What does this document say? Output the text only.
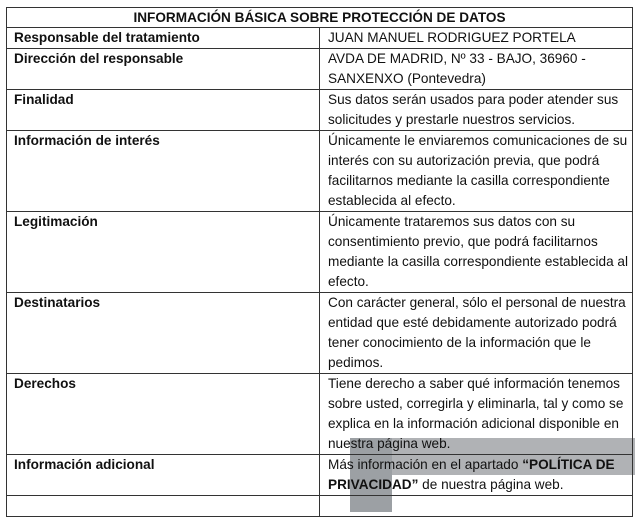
INFORMACIÓN BÁSICA SOBRE PROTECCIÓN DE DATOS	
Responsable del tratamiento	JUAN MANUEL RODRIGUEZ PORTELA
Dirección del responsable	AVDA DE MADRID, Nº 33 - BAJO, 36960 - SANXENXO (Pontevedra)
Finalidad	Sus datos serán usados para poder atender sus solicitudes y prestarle nuestros servicios.
Información de interés	Únicamente le enviaremos comunicaciones de su interés con su autorización previa, que podrá facilitarnos mediante la casilla correspondiente establecida al efecto.
Legitimación	Únicamente trataremos sus datos con su consentimiento previo, que podrá facilitarnos mediante la casilla correspondiente establecida al efecto.
Destinatarios	Con carácter general, sólo el personal de nuestra entidad que esté debidamente autorizado podrá tener conocimiento de la información que le pedimos.
Derechos	Tiene derecho a saber qué información tenemos sobre usted, corregirla y eliminarla, tal y como se explica en la información adicional disponible en nuestra página web.
Información adicional	Más información en el apartado “POLÍTICA DE PRIVACIDAD” de nuestra página web.
